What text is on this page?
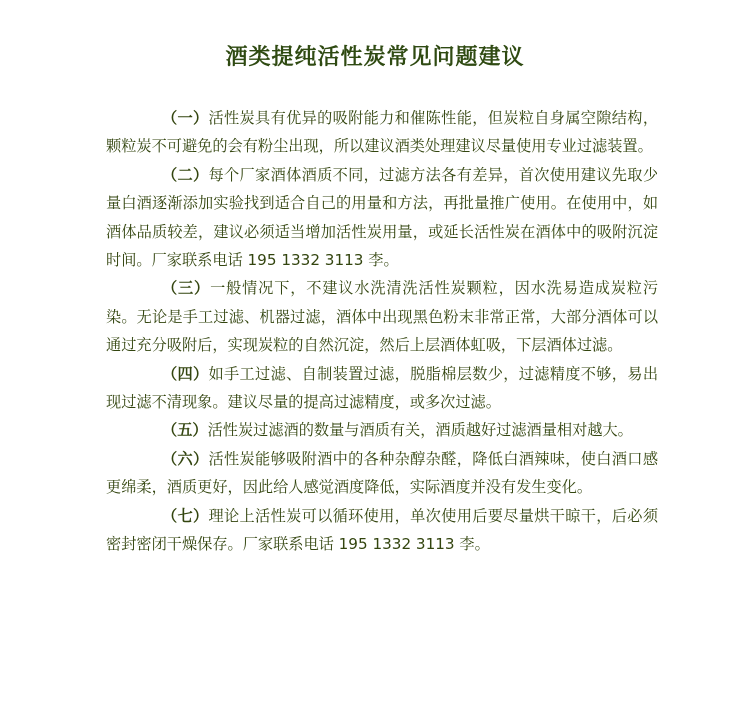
酒类提纯活性炭常见问题建议

（一）活性炭具有优异的吸附能力和催陈性能，但炭粒自身属空隙结构，颗粒炭不可避免的会有粉尘出现，所以建议酒类处理建议尽量使用专业过滤装置。

（二）每个厂家酒体酒质不同，过滤方法各有差异，首次使用建议先取少量白酒逐渐添加实验找到适合自己的用量和方法，再批量推广使用。在使用中，如酒体品质较差，建议必须适当增加活性炭用量，或延长活性炭在酒体中的吸附沉淀时间。厂家联系电话 195 1332 3113 李。

（三）一般情况下，不建议水洗清洗活性炭颗粒，因水洗易造成炭粒污染。无论是手工过滤、机器过滤，酒体中出现黑色粉末非常正常，大部分酒体可以通过充分吸附后，实现炭粒的自然沉淀，然后上层酒体虹吸，下层酒体过滤。

（四）如手工过滤、自制装置过滤，脱脂棉层数少，过滤精度不够，易出现过滤不清现象。建议尽量的提高过滤精度，或多次过滤。

（五）活性炭过滤酒的数量与酒质有关，酒质越好过滤酒量相对越大。

（六）活性炭能够吸附酒中的各种杂醇杂醛，降低白酒辣味，使白酒口感更绵柔，酒质更好，因此给人感觉酒度降低，实际酒度并没有发生变化。

（七）理论上活性炭可以循环使用，单次使用后要尽量烘干晾干，后必须密封密闭干燥保存。厂家联系电话 195 1332 3113 李。
